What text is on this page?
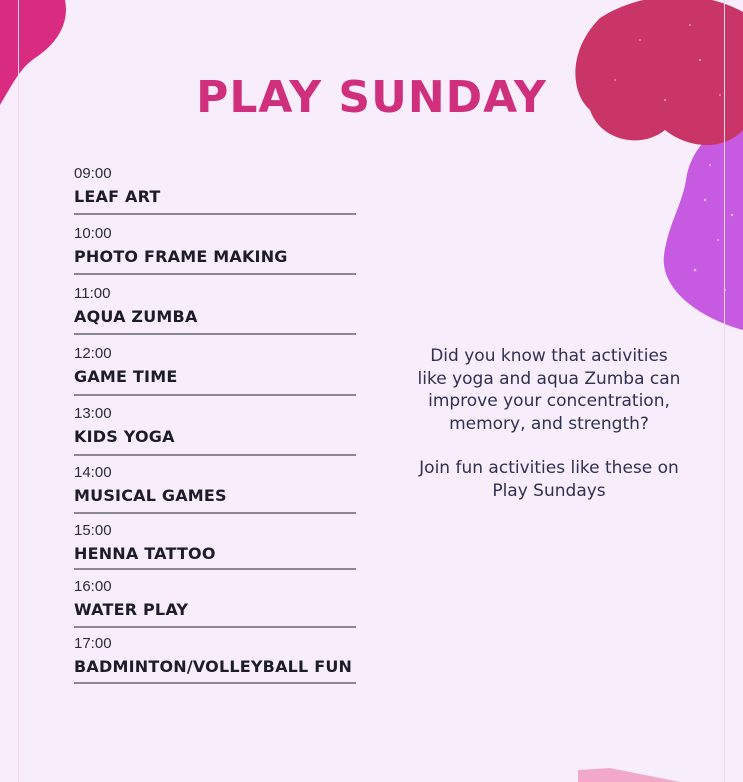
PLAY SUNDAY
09:00
LEAF ART
10:00
PHOTO FRAME MAKING
11:00
AQUA ZUMBA
12:00
GAME TIME
13:00
KIDS YOGA
14:00
MUSICAL GAMES
15:00
HENNA TATTOO
16:00
WATER PLAY
17:00
BADMINTON/VOLLEYBALL FUN

Did you know that activities like yoga and aqua Zumba can improve your concentration, memory, and strength?

Join fun activities like these on Play Sundays
